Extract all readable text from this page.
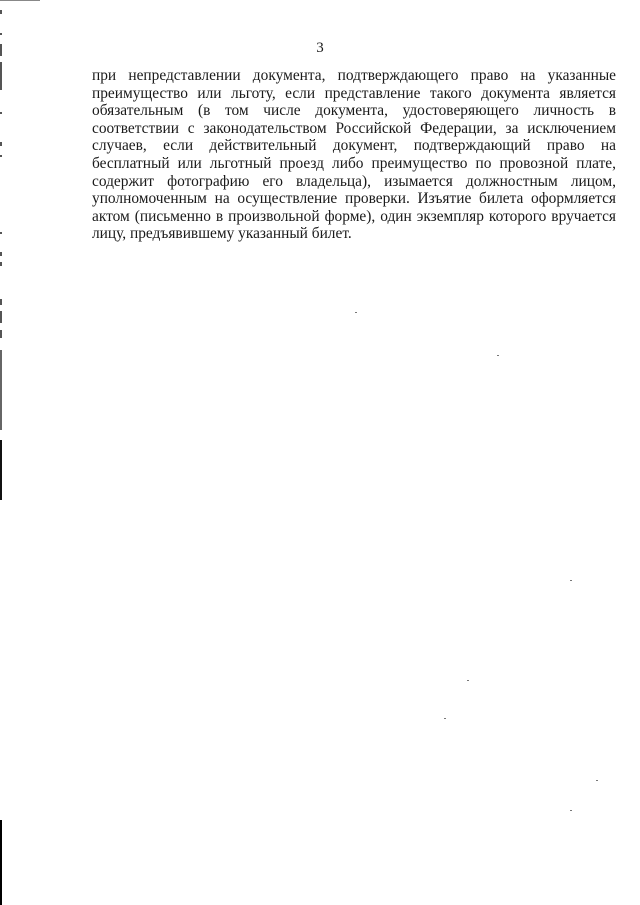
3
при непредставлении документа, подтверждающего право на указанные
преимущество или льготу, если представление такого документа является
обязательным (в том числе документа, удостоверяющего личность в
соответствии с законодательством Российской Федерации, за исключением
случаев, если действительный документ, подтверждающий право на
бесплатный или льготный проезд либо преимущество по провозной плате,
содержит фотографию его владельца), изымается должностным лицом,
уполномоченным на осуществление проверки. Изъятие билета оформляется
актом (письменно в произвольной форме), один экземпляр которого вручается
лицу, предъявившему указанный билет.
